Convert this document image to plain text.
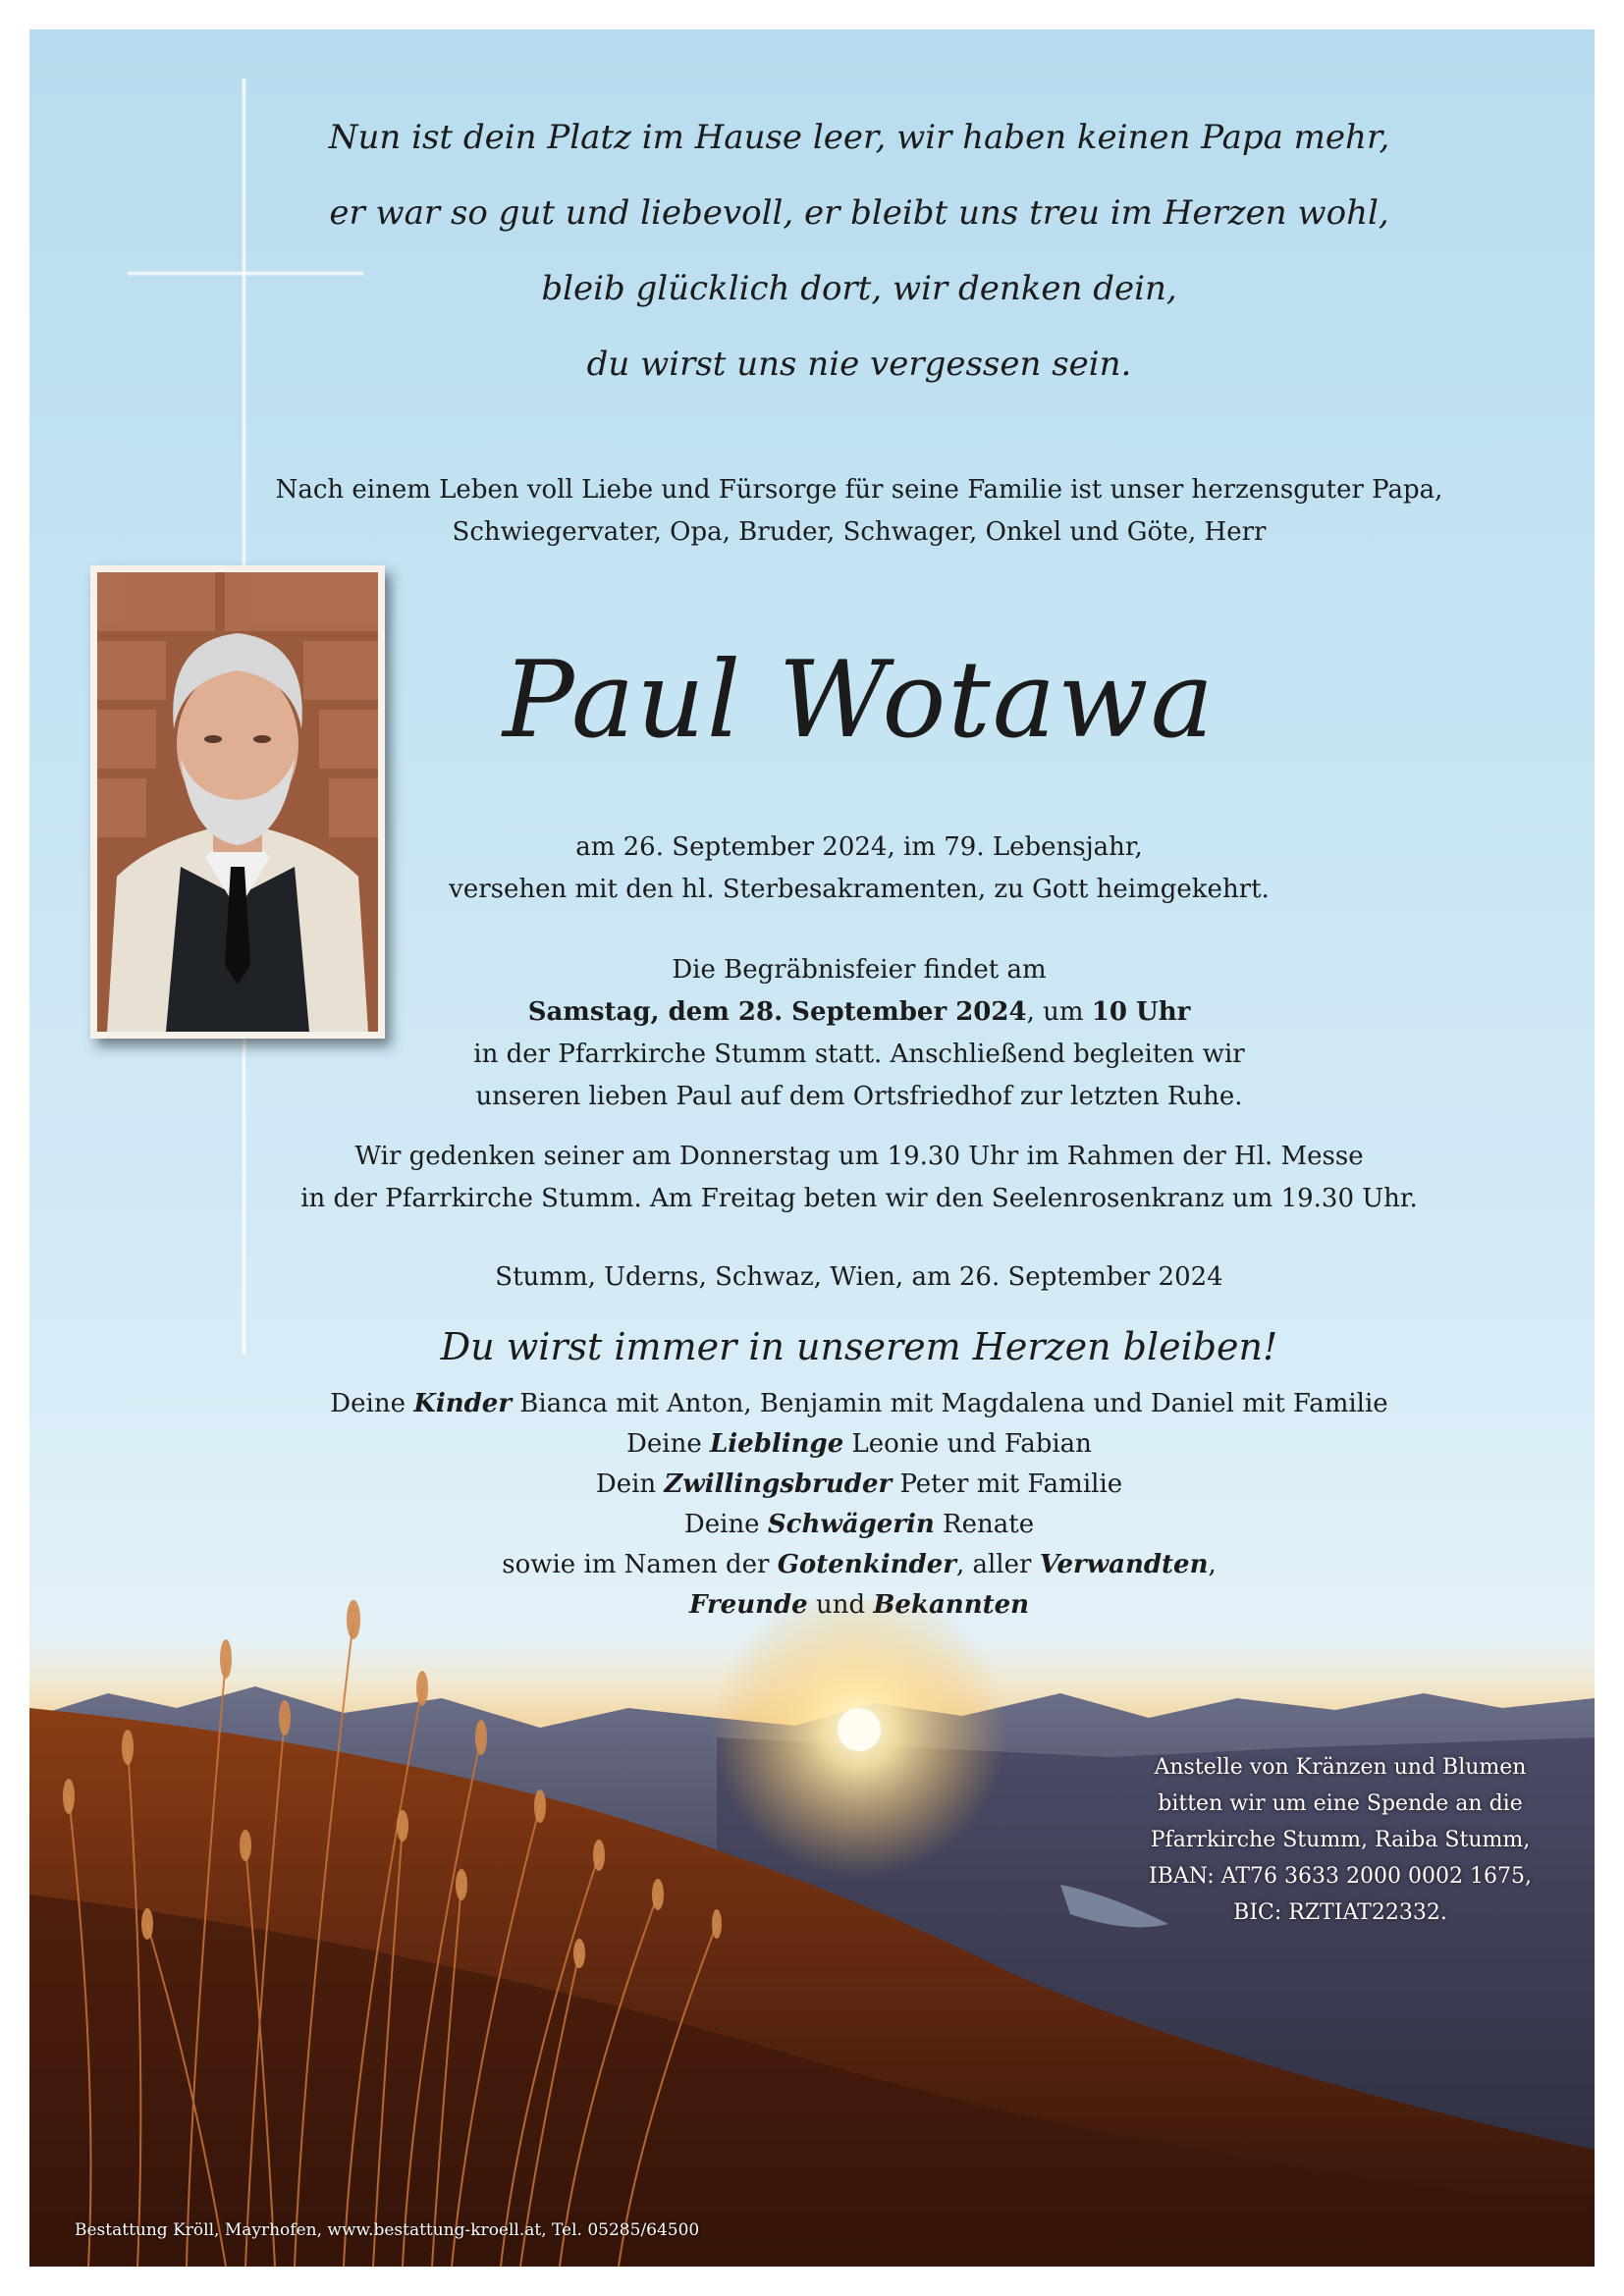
Nun ist dein Platz im Hause leer, wir haben keinen Papa mehr,
er war so gut und liebevoll, er bleibt uns treu im Herzen wohl,
bleib glücklich dort, wir denken dein,
du wirst uns nie vergessen sein.
Nach einem Leben voll Liebe und Fürsorge für seine Familie ist unser herzensguter Papa,
Schwiegervater, Opa, Bruder, Schwager, Onkel und Göte, Herr
Paul Wotawa
am 26. September 2024, im 79. Lebensjahr,
versehen mit den hl. Sterbesakramenten, zu Gott heimgekehrt.
Die Begräbnisfeier findet am
Samstag, dem 28. September 2024, um 10 Uhr
in der Pfarrkirche Stumm statt. Anschließend begleiten wir
unseren lieben Paul auf dem Ortsfriedhof zur letzten Ruhe.
Wir gedenken seiner am Donnerstag um 19.30 Uhr im Rahmen der Hl. Messe
in der Pfarrkirche Stumm. Am Freitag beten wir den Seelenrosenkranz um 19.30 Uhr.
Stumm, Uderns, Schwaz, Wien, am 26. September 2024
Du wirst immer in unserem Herzen bleiben!
Deine Kinder Bianca mit Anton, Benjamin mit Magdalena und Daniel mit Familie
Deine Lieblinge Leonie und Fabian
Dein Zwillingsbruder Peter mit Familie
Deine Schwägerin Renate
sowie im Namen der Gotenkinder, aller Verwandten,
Freunde und Bekannten
Anstelle von Kränzen und Blumen
bitten wir um eine Spende an die
Pfarrkirche Stumm, Raiba Stumm,
IBAN: AT76 3633 2000 0002 1675,
BIC: RZTIAT22332.
Bestattung Kröll, Mayrhofen, www.bestattung-kroell.at, Tel. 05285/64500
